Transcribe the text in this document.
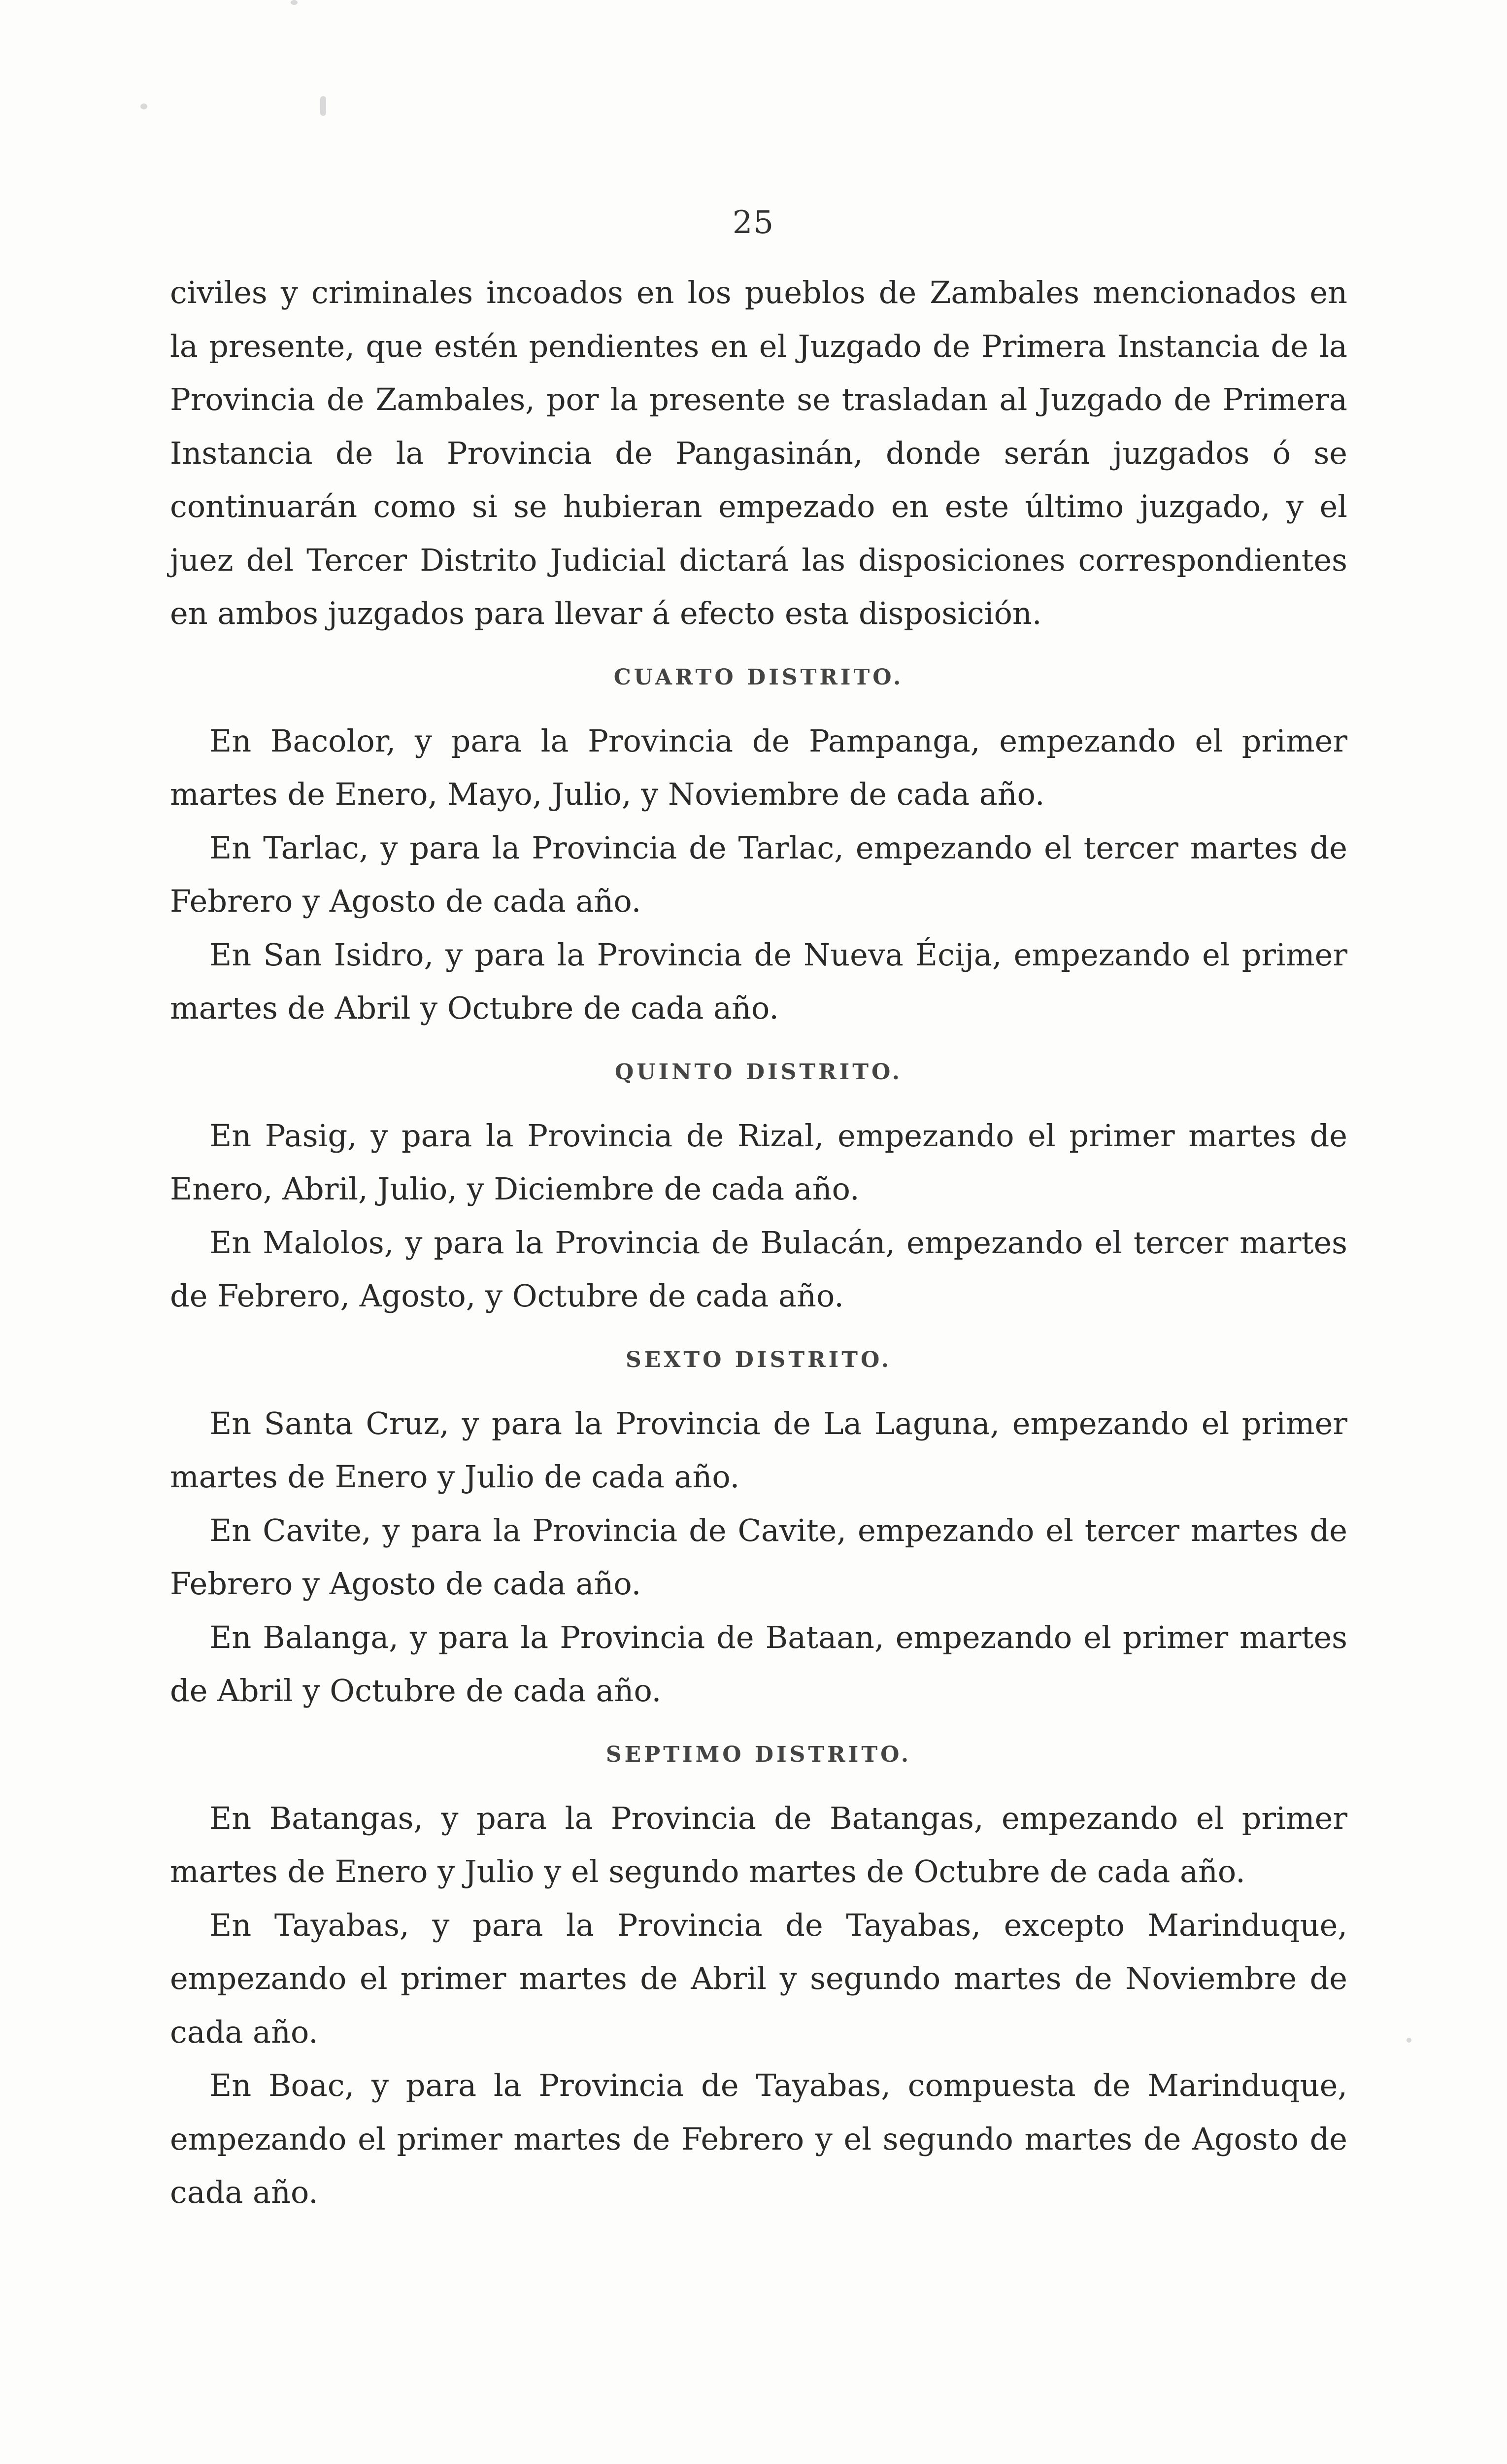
25

civiles y criminales incoados en los pueblos de Zambales mencionados en la presente, que estén pendientes en el Juzgado de Primera Instancia de la Provincia de Zambales, por la presente se trasladan al Juzgado de Primera Instancia de la Provincia de Pangasinán, donde serán juzgados ó se continuarán como si se hubieran empezado en este último juzgado, y el juez del Tercer Distrito Judicial dictará las disposiciones correspondientes en ambos juzgados para llevar á efecto esta disposición.

CUARTO DISTRITO.

En Bacolor, y para la Provincia de Pampanga, empezando el primer martes de Enero, Mayo, Julio, y Noviembre de cada año.

En Tarlac, y para la Provincia de Tarlac, empezando el tercer martes de Febrero y Agosto de cada año.

En San Isidro, y para la Provincia de Nueva Écija, empezando el primer martes de Abril y Octubre de cada año.

QUINTO DISTRITO.

En Pasig, y para la Provincia de Rizal, empezando el primer martes de Enero, Abril, Julio, y Diciembre de cada año.

En Malolos, y para la Provincia de Bulacán, empezando el tercer martes de Febrero, Agosto, y Octubre de cada año.

SEXTO DISTRITO.

En Santa Cruz, y para la Provincia de La Laguna, empezando el primer martes de Enero y Julio de cada año.

En Cavite, y para la Provincia de Cavite, empezando el tercer martes de Febrero y Agosto de cada año.

En Balanga, y para la Provincia de Bataan, empezando el primer martes de Abril y Octubre de cada año.

SEPTIMO DISTRITO.

En Batangas, y para la Provincia de Batangas, empezando el primer martes de Enero y Julio y el segundo martes de Octubre de cada año.

En Tayabas, y para la Provincia de Tayabas, excepto Marinduque, empezando el primer martes de Abril y segundo martes de Noviembre de cada año.

En Boac, y para la Provincia de Tayabas, compuesta de Marinduque, empezando el primer martes de Febrero y el segundo martes de Agosto de cada año.
